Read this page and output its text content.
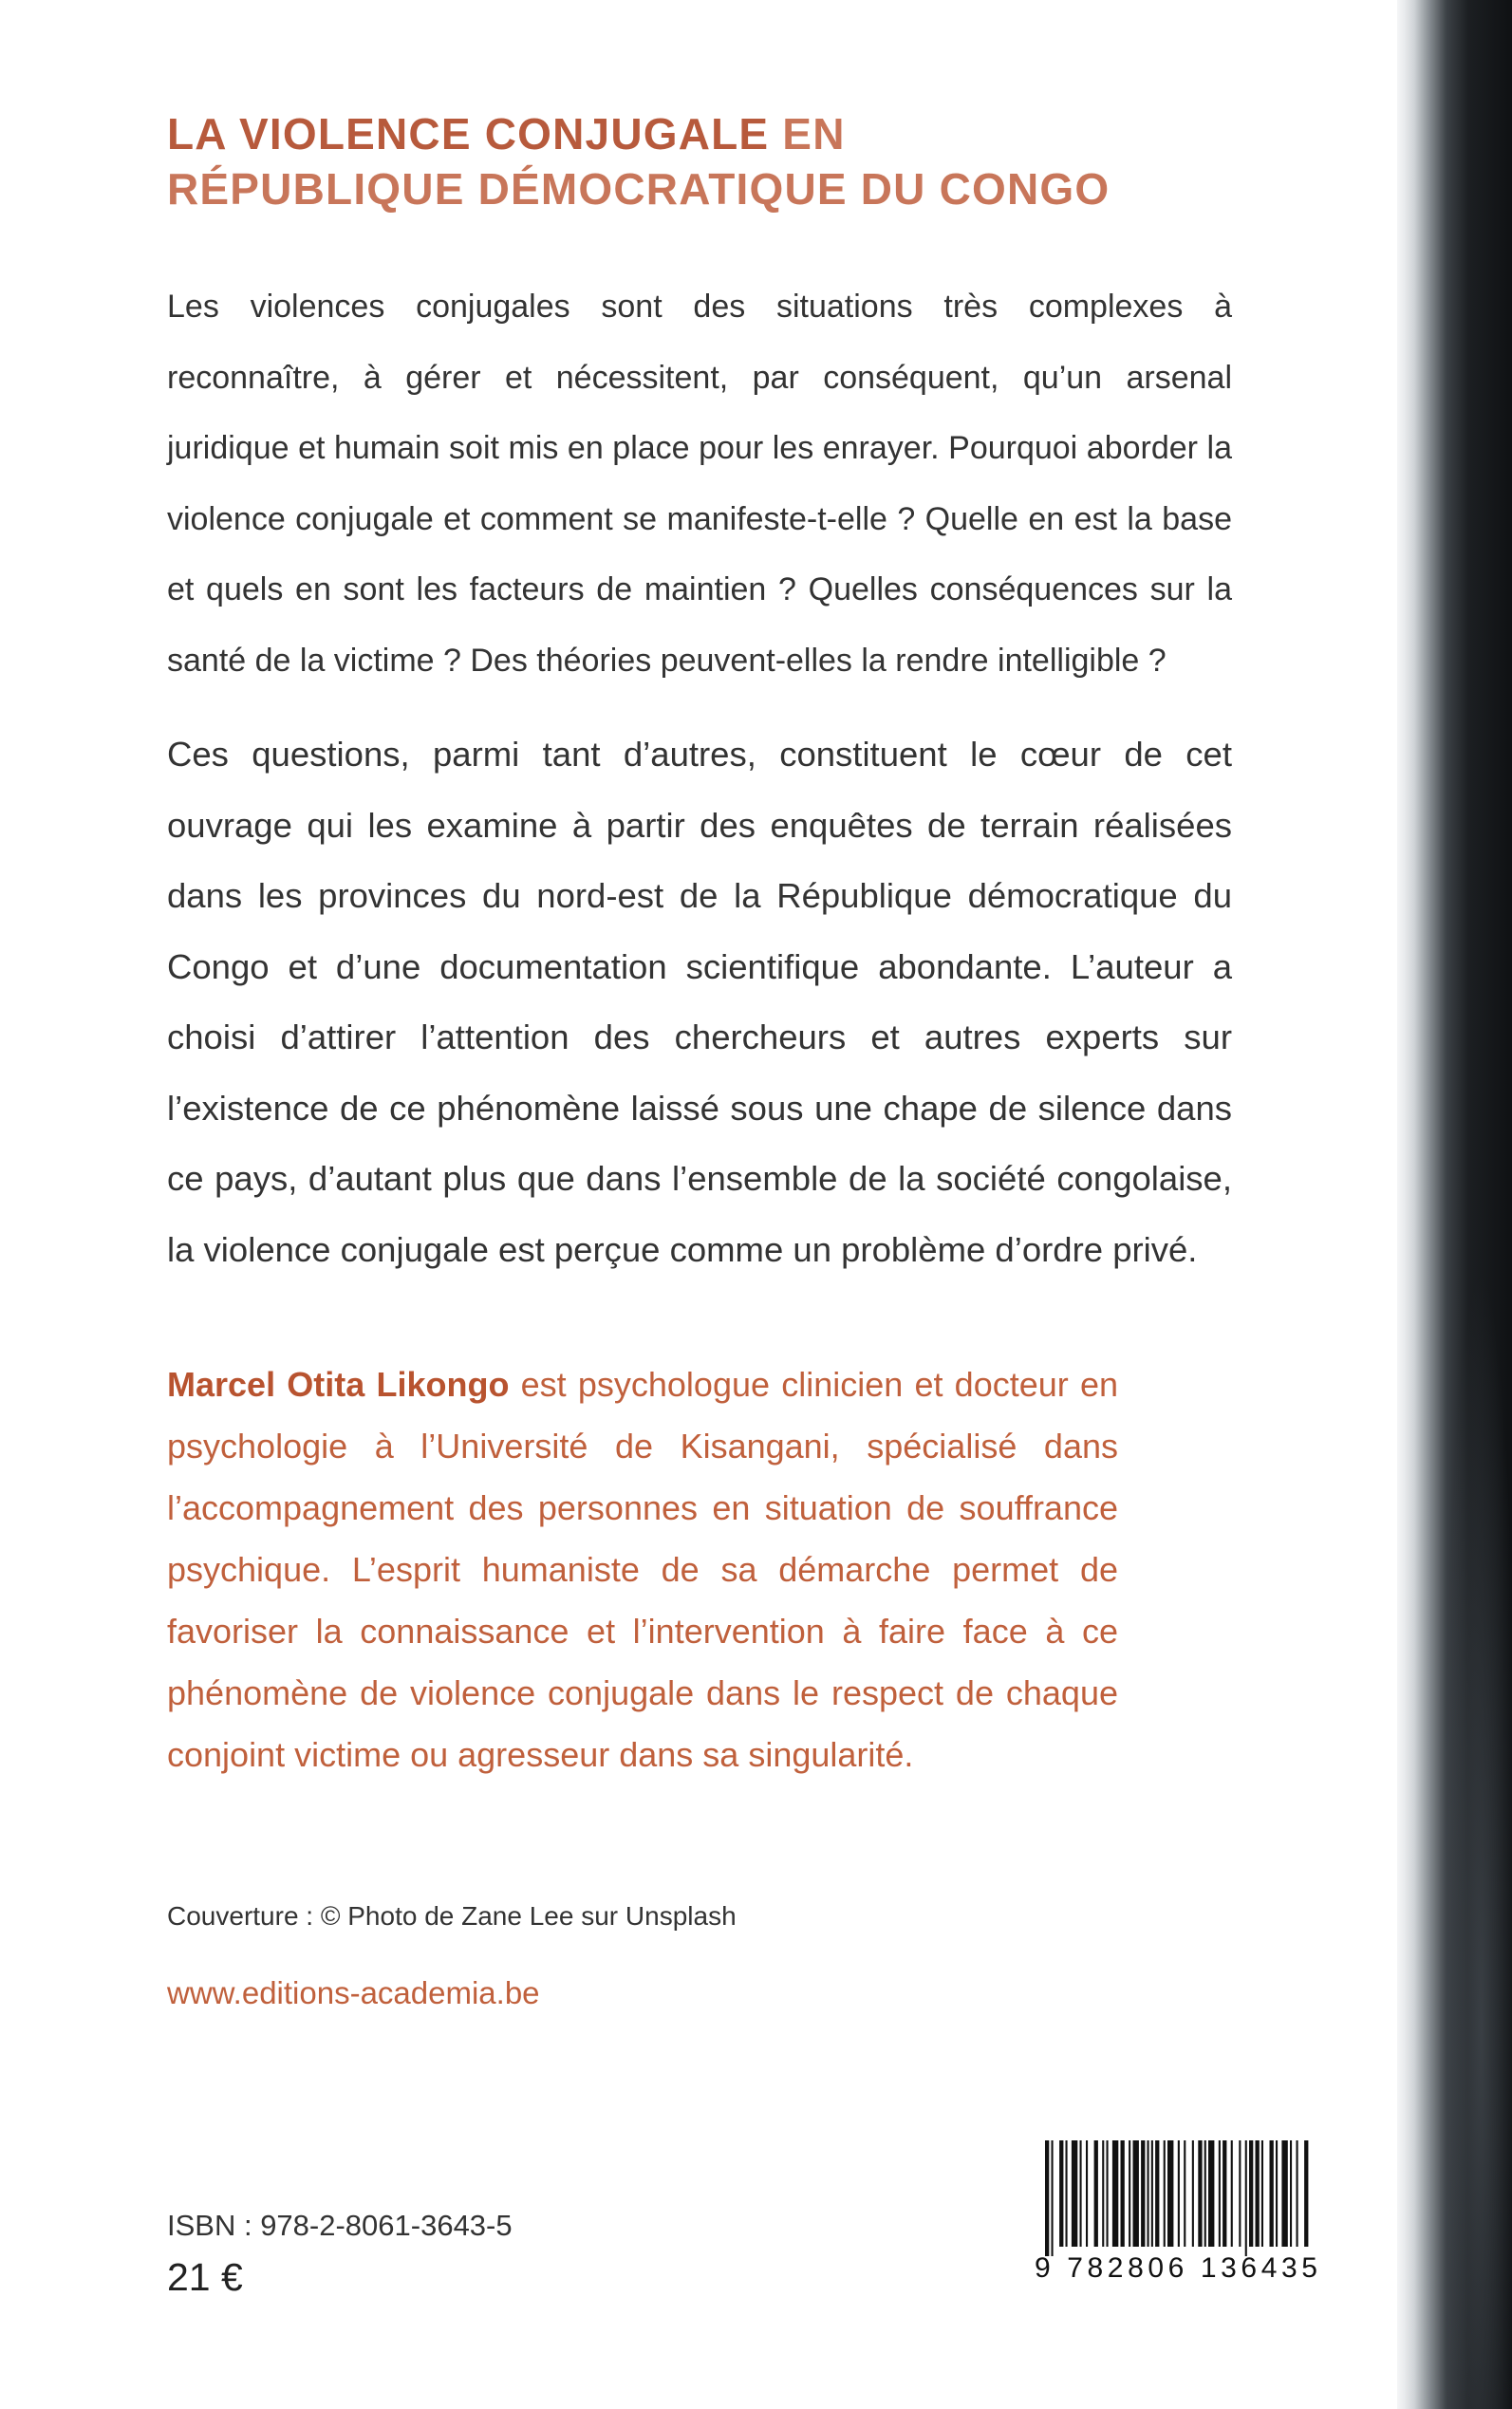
LA VIOLENCE CONJUGALE EN
RÉPUBLIQUE DÉMOCRATIQUE DU CONGO

Les violences conjugales sont des situations très complexes à reconnaître, à gérer et nécessitent, par conséquent, qu’un arsenal juridique et humain soit mis en place pour les enrayer. Pourquoi aborder la violence conjugale et comment se manifeste-t-elle ? Quelle en est la base et quels en sont les facteurs de maintien ? Quelles conséquences sur la santé de la victime ? Des théories peuvent-elles la rendre intelligible ?

Ces questions, parmi tant d’autres, constituent le cœur de cet ouvrage qui les examine à partir des enquêtes de terrain réalisées dans les provinces du nord-est de la République démocratique du Congo et d’une documentation scientifique abondante. L’auteur a choisi d’attirer l’attention des chercheurs et autres experts sur l’existence de ce phénomène laissé sous une chape de silence dans ce pays, d’autant plus que dans l’ensemble de la société congolaise, la violence conjugale est perçue comme un problème d’ordre privé.

Marcel Otita Likongo est psychologue clinicien et docteur en psychologie à l’Université de Kisangani, spécialisé dans l’accompagnement des personnes en situation de souffrance psychique. L’esprit humaniste de sa démarche permet de favoriser la connaissance et l’intervention à faire face à ce phénomène de violence conjugale dans le respect de chaque conjoint victime ou agresseur dans sa singularité.

Couverture : © Photo de Zane Lee sur Unsplash

www.editions-academia.be

ISBN : 978-2-8061-3643-5

21 €	9 782806 136435
